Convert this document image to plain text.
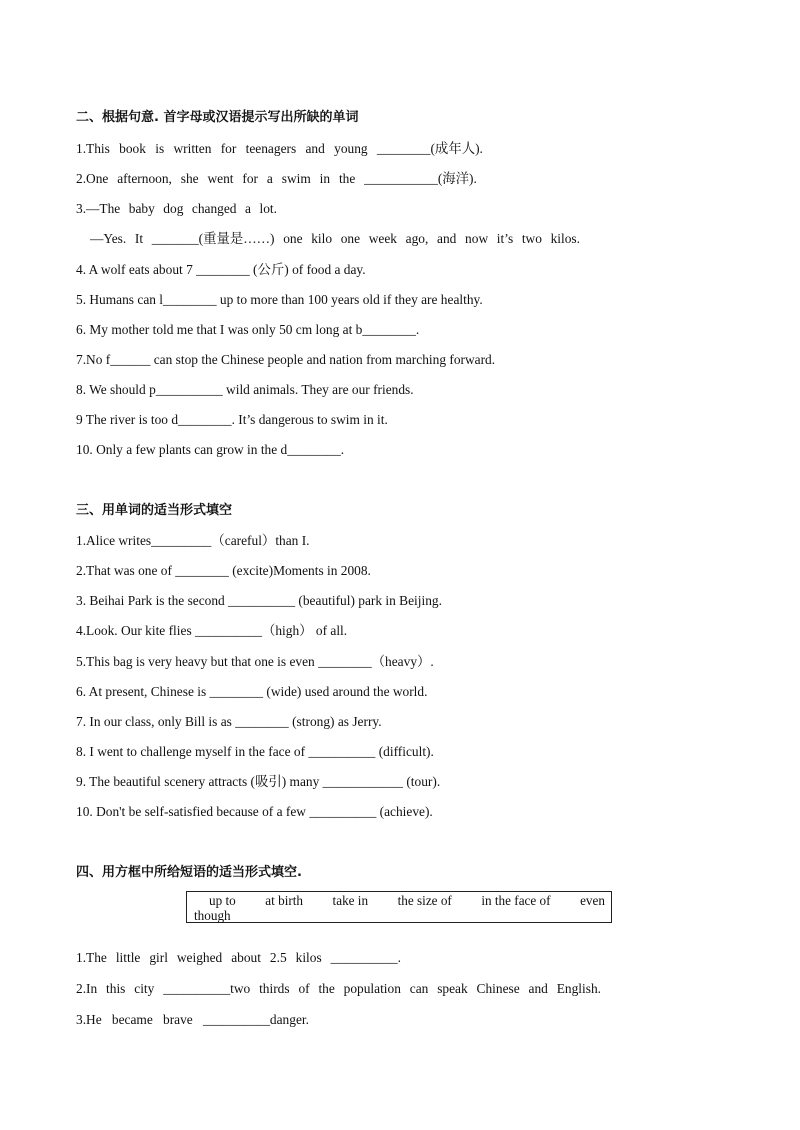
二、根据句意. 首字母或汉语提示写出所缺的单词
1.This book is written for teenagers and young ________(成年人).
2.One afternoon, she went for a swim in the ___________(海洋).
3.—The baby dog changed a lot.
—Yes. It _______(重量是……) one kilo one week ago, and now it’s two kilos.
4. A wolf eats about 7 ________ (公斤) of food a day.
5. Humans can l________ up to more than 100 years old if they are healthy.
6. My mother told me that I was only 50 cm long at b________.
7.No f______ can stop the Chinese people and nation from marching forward.
8. We should p__________ wild animals. They are our friends.
9 The river is too d________. It’s dangerous to swim in it.
10. Only a few plants can grow in the d________.
三、用单词的适当形式填空
1.Alice writes_________（careful）than I.
2.That was one of ________ (excite)Moments in 2008.
3. Beihai Park is the second __________ (beautiful) park in Beijing.
4.Look. Our kite flies __________（high） of all.
5.This bag is very heavy but that one is even ________（heavy）.
6. At present, Chinese is ________ (wide) used around the world.
7. In our class, only Bill is as ________ (strong) as Jerry.
8. I went to challenge myself in the face of __________ (difficult).
9. The beautiful scenery attracts (吸引) many ____________ (tour).
10. Don't be self-satisfied because of a few __________ (achieve).
四、用方框中所给短语的适当形式填空.
up to at birth take in the size of in the face of even
though
1.The little girl weighed about 2.5 kilos __________.
2.In this city __________two thirds of the population can speak Chinese and English.
3.He became brave __________danger.
